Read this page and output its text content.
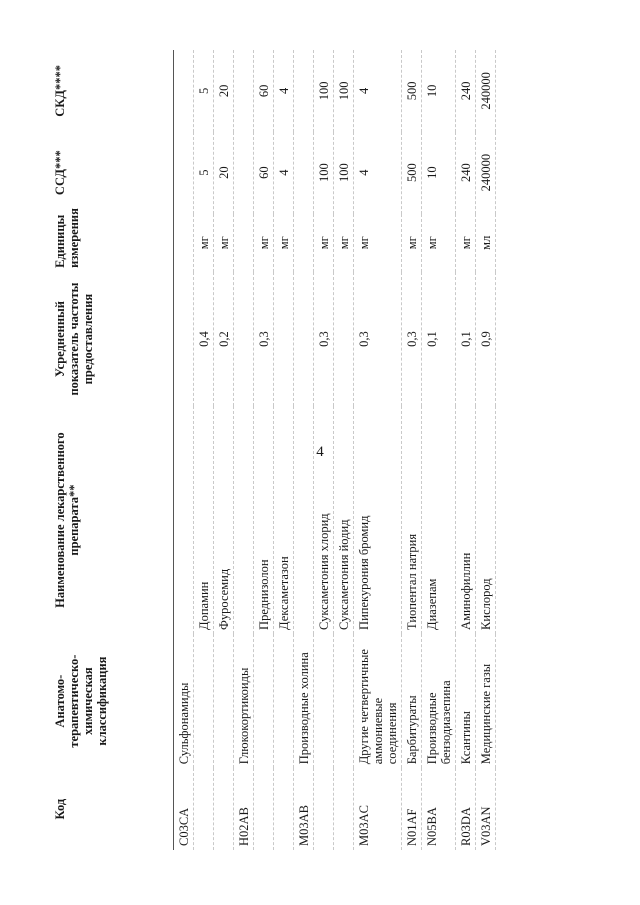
4
Код	Анатомо-терапевтическо-химическая классификация	Наименование лекарственного препарата**	Усредненный показатель частоты предоставления	Единицы измерения	ССД***	СКД****
C03CA	Сульфонамиды					
		Допамин	0,4	мг	5	5
		Фуросемид	0,2	мг	20	20
H02AB	Глюкокортикоиды					
		Преднизолон	0,3	мг	60	60
		Дексаметазон		мг	4	4
M03AB	Производные холина					
		Суксаметония хлорид	0,3	мг	100	100
		Суксаметония йодид		мг	100	100
M03AC	Другие четвертичные аммониевые соединения	Пипекурония бромид	0,3	мг	4	4
N01AF	Барбитураты	Тиопентал натрия	0,3	мг	500	500
N05BA	Производные бензодиазепина	Диазепам	0,1	мг	10	10
R03DA	Ксантины	Аминофиллин	0,1	мг	240	240
V03AN	Медицинские газы	Кислород	0,9	мл	240000	240000
